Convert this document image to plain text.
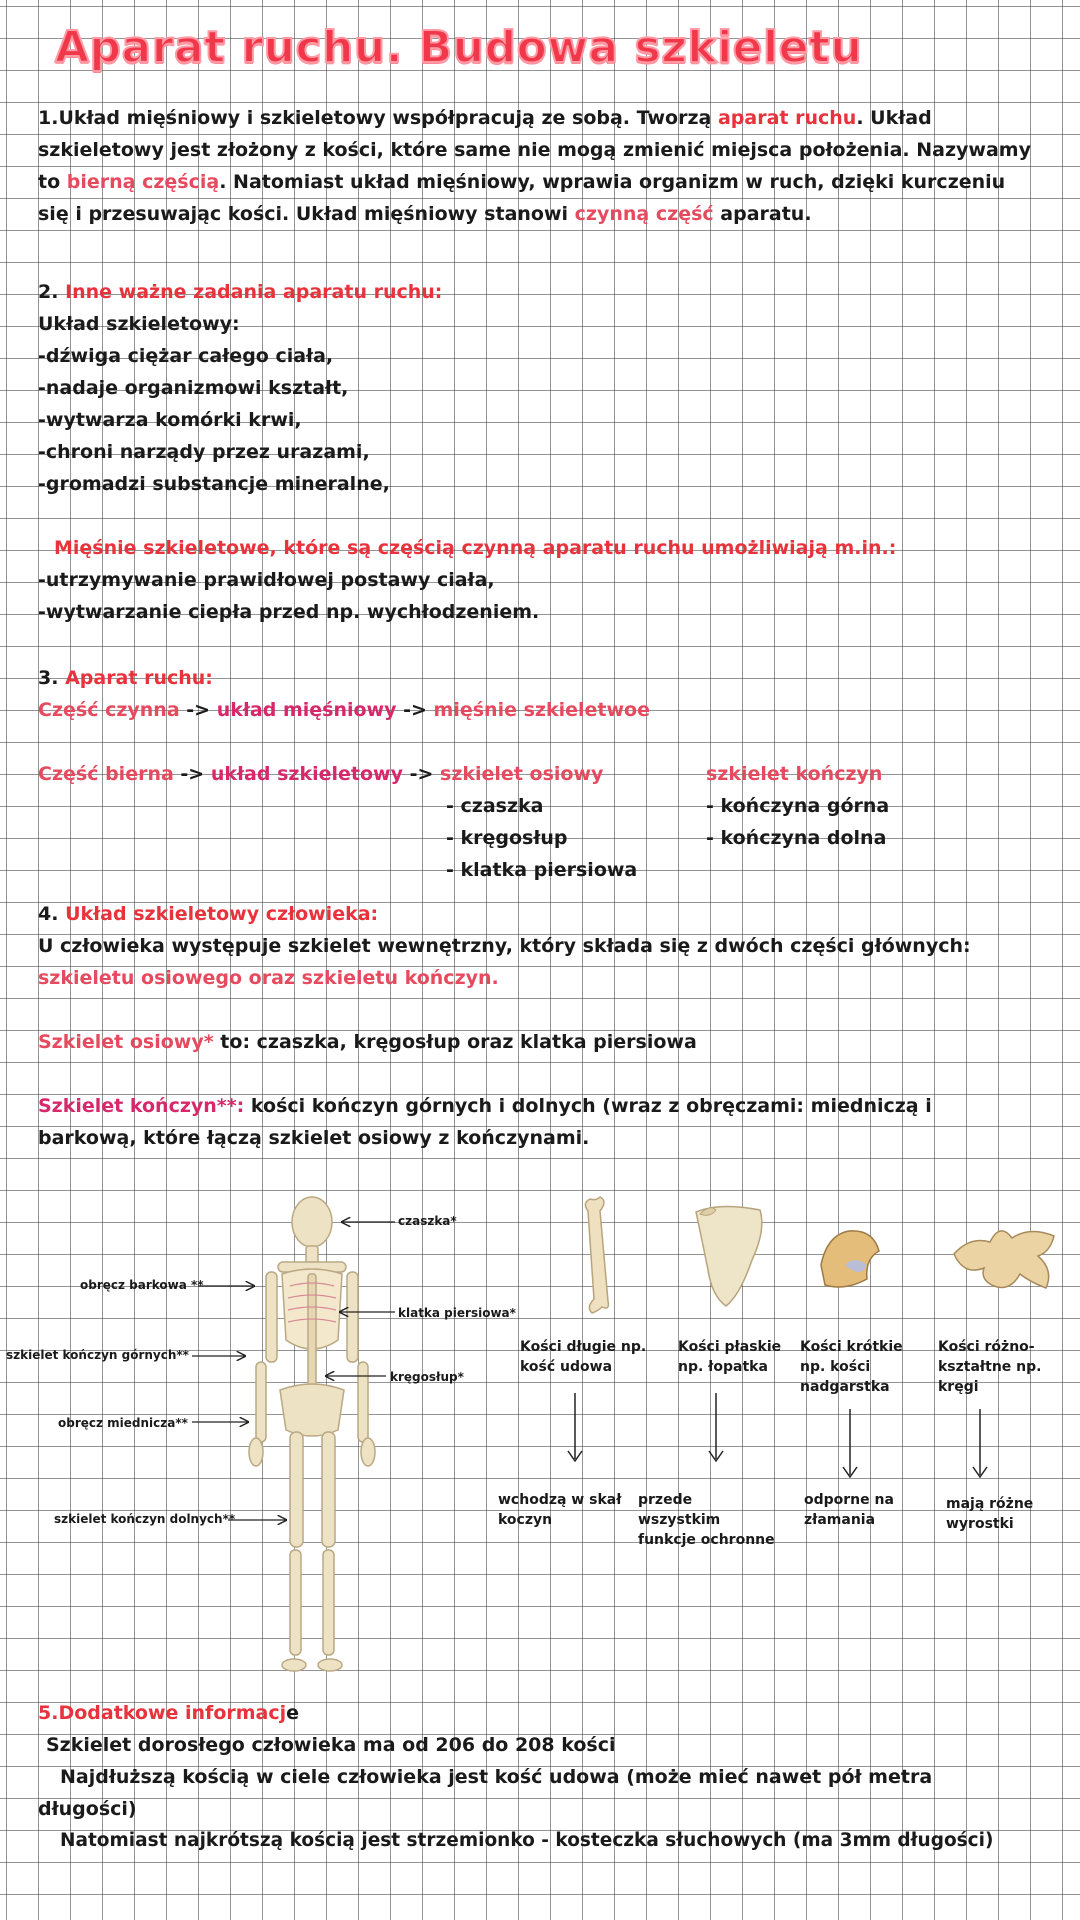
Aparat ruchu. Budowa szkieletu
1.Układ mięśniowy i szkieletowy współpracują ze sobą. Tworzą aparat ruchu. Układ
szkieletowy jest złożony z kości, które same nie mogą zmienić miejsca położenia. Nazywamy
to bierną częścią. Natomiast układ mięśniowy, wprawia organizm w ruch, dzięki kurczeniu
się i przesuwając kości. Układ mięśniowy stanowi czynną część aparatu.
2. Inne ważne zadania aparatu ruchu:
Układ szkieletowy:
-dźwiga ciężar całego ciała,
-nadaje organizmowi kształt,
-wytwarza komórki krwi,
-chroni narządy przez urazami,
-gromadzi substancje mineralne,
Mięśnie szkieletowe, które są częścią czynną aparatu ruchu umożliwiają m.in.:
-utrzymywanie prawidłowej postawy ciała,
-wytwarzanie ciepła przed np. wychłodzeniem.
3. Aparat ruchu:
Część czynna -> układ mięśniowy -> mięśnie szkieletwoe
Część bierna -> układ szkieletowy -> szkielet osiowy
- czaszka
- kręgosłup
- klatka piersiowa
szkielet kończyn
- kończyna górna
- kończyna dolna
4. Układ szkieletowy człowieka:
U człowieka występuje szkielet wewnętrzny, który składa się z dwóch części głównych:
szkieletu osiowego oraz szkieletu kończyn.
Szkielet osiowy* to: czaszka, kręgosłup oraz klatka piersiowa
Szkielet kończyn**: kości kończyn górnych i dolnych (wraz z obręczami: miedniczą i
barkową, które łączą szkielet osiowy z kończynami.
czaszka*
obręcz barkowa **
klatka piersiowa*
szkielet kończyn górnych**
kręgosłup*
obręcz miednicza**
szkielet kończyn dolnych**
Kości długie np. kość udowa
Kości płaskie np. łopatka
Kości krótkie np. kości nadgarstka
Kości różno-kształtne np. kręgi
wchodzą w skał koczyn
przede wszystkim funkcje ochronne
odporne na złamania
mają różne wyrostki
5.Dodatkowe informacje
Szkielet dorosłego człowieka ma od 206 do 208 kości
Najdłuższą kością w ciele człowieka jest kość udowa (może mieć nawet pół metra
długości)
Natomiast najkrótszą kością jest strzemionko - kosteczka słuchowych (ma 3mm długości)
